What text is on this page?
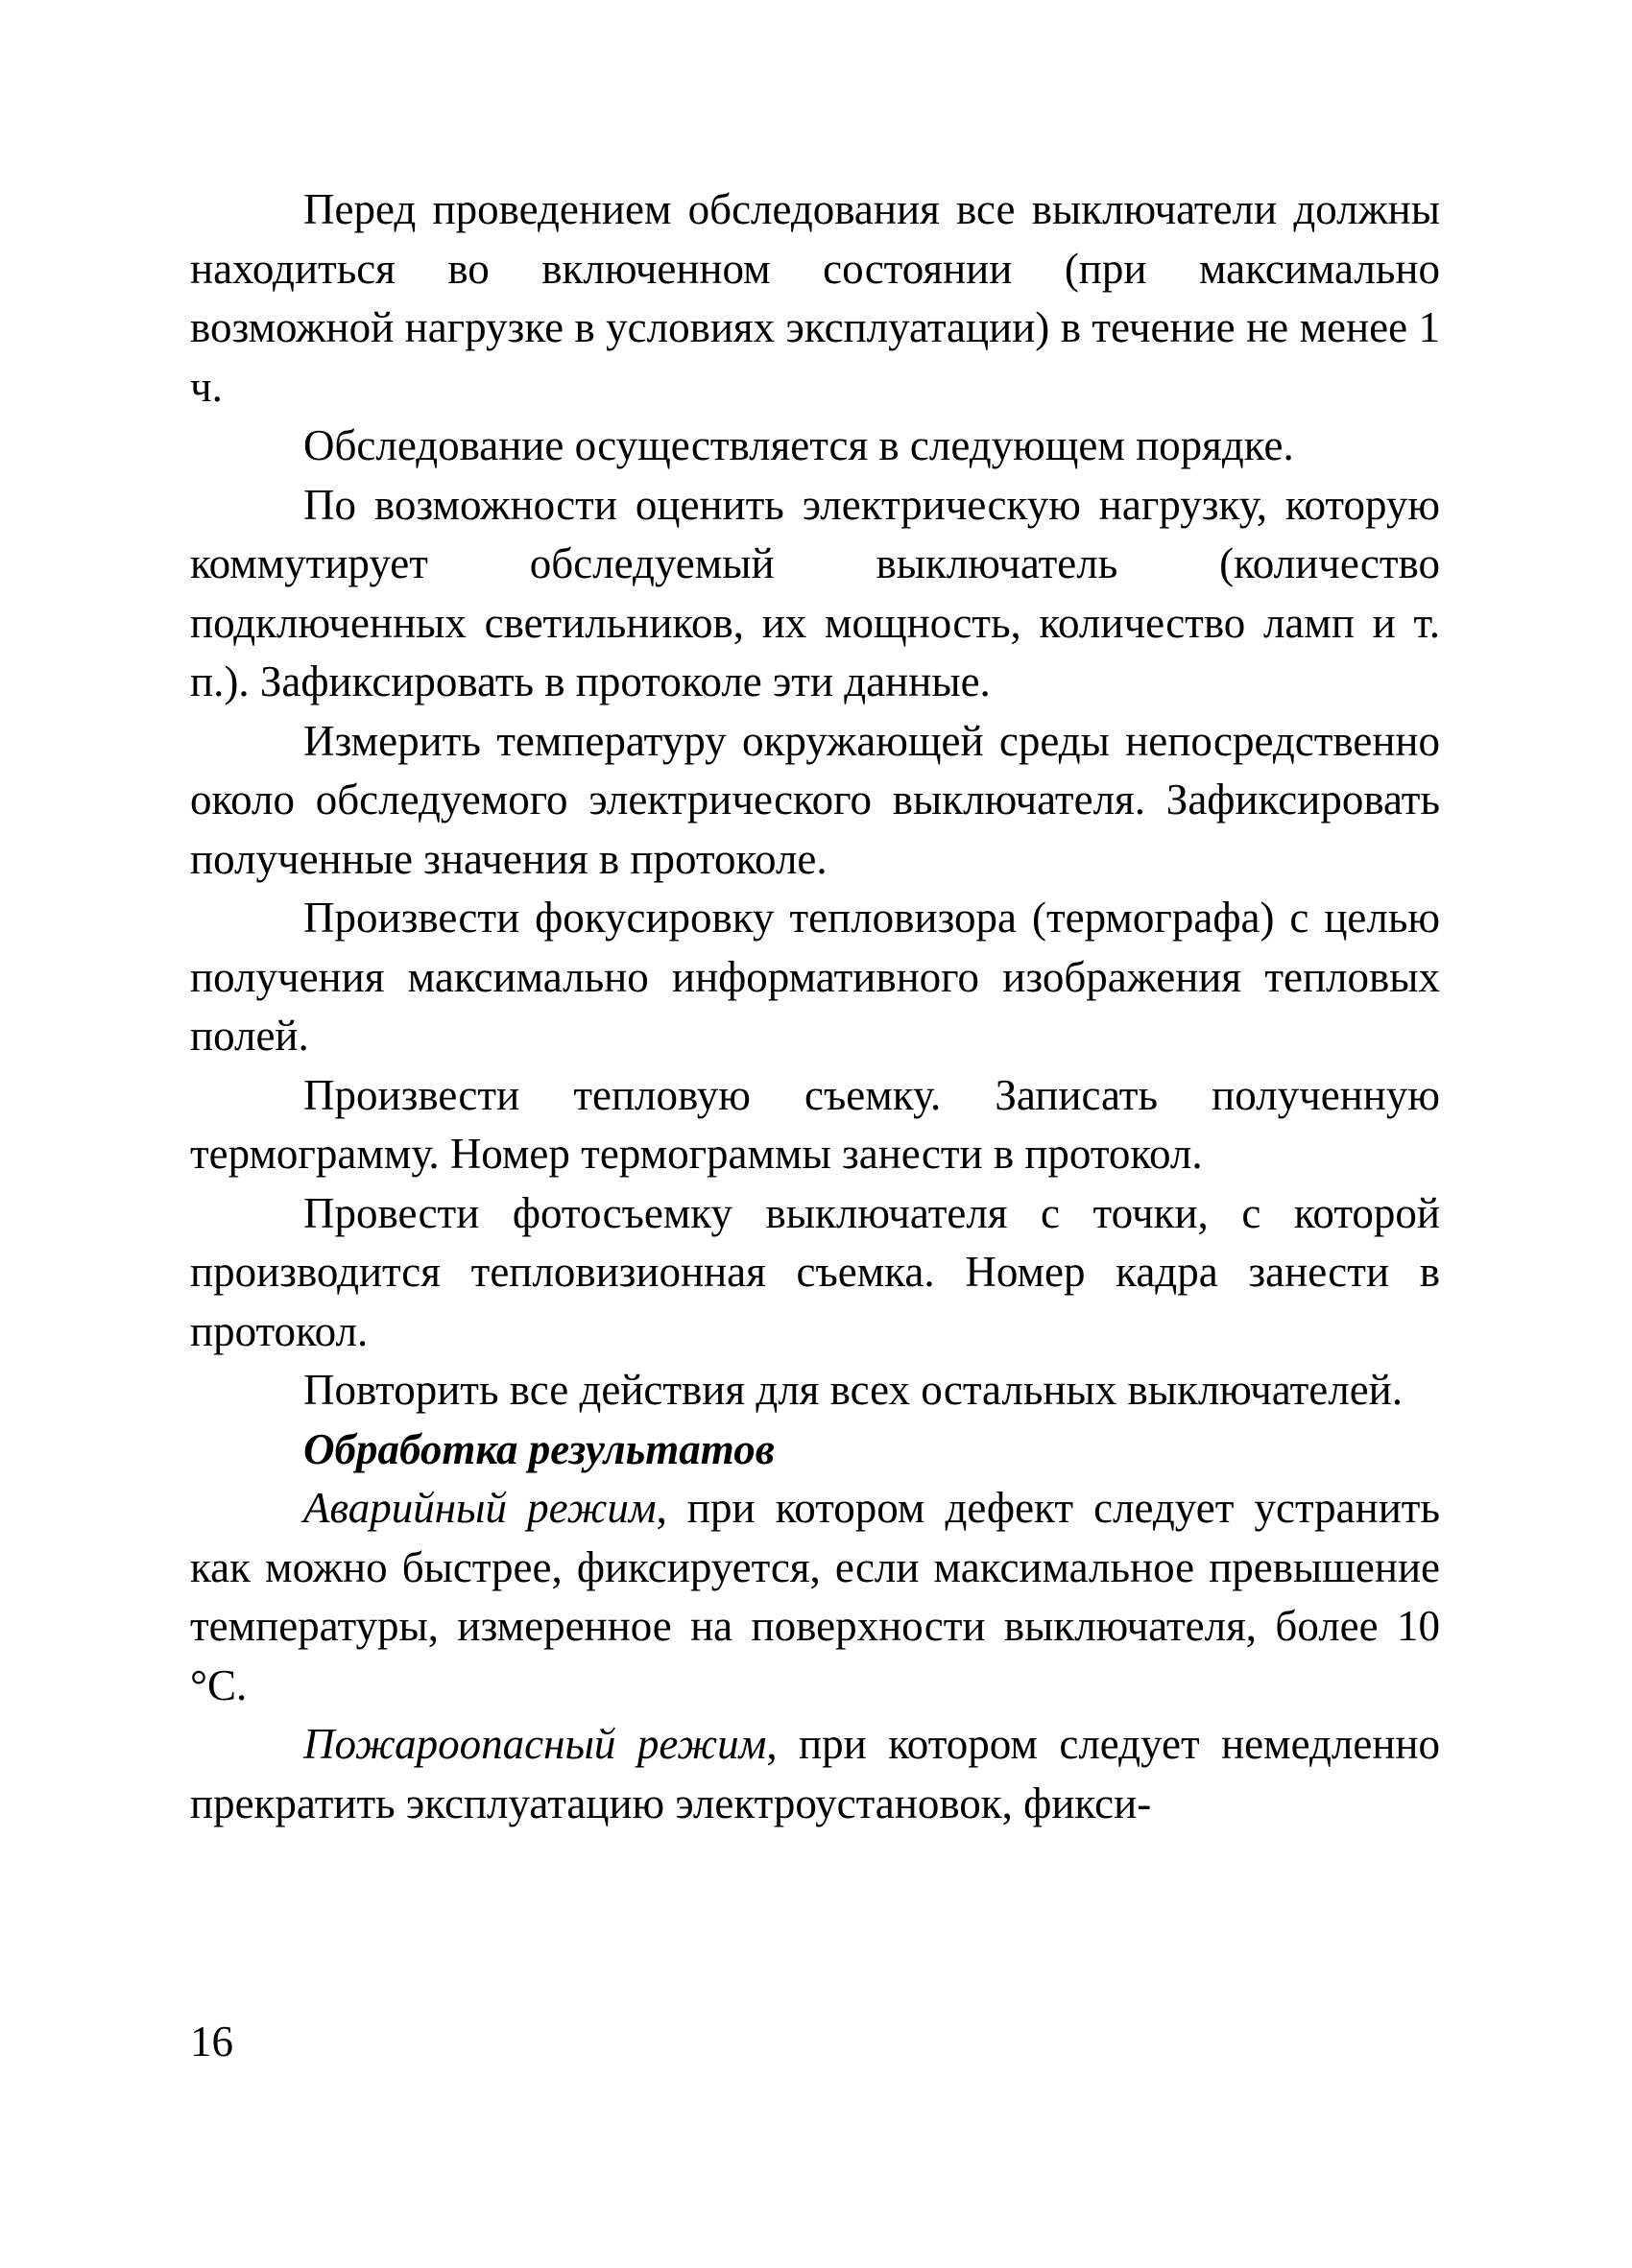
Перед проведением обследования все выключатели должны находиться во включенном состоянии (при максимально возможной нагрузке в условиях эксплуатации) в течение не менее 1 ч.

Обследование осуществляется в следующем порядке.

По возможности оценить электрическую нагрузку, которую коммутирует обследуемый выключатель (количество подключенных светильников, их мощность, количество ламп и т. п.). Зафиксировать в протоколе эти данные.

Измерить температуру окружающей среды непосредственно около обследуемого электрического выключателя. Зафиксировать полученные значения в протоколе.

Произвести фокусировку тепловизора (термографа) с целью получения максимально информативного изображения тепловых полей.

Произвести тепловую съемку. Записать полученную термограмму. Номер термограммы занести в протокол.

Провести фотосъемку выключателя с точки, с которой производится тепловизионная съемка. Номер кадра занести в протокол.

Повторить все действия для всех остальных выключателей.

Обработка результатов

Аварийный режим, при котором дефект следует устранить как можно быстрее, фиксируется, если максимальное превышение температуры, измеренное на поверхности выключателя, более 10 °С.

Пожароопасный режим, при котором следует немедленно прекратить эксплуатацию электроустановок, фикси-

16
